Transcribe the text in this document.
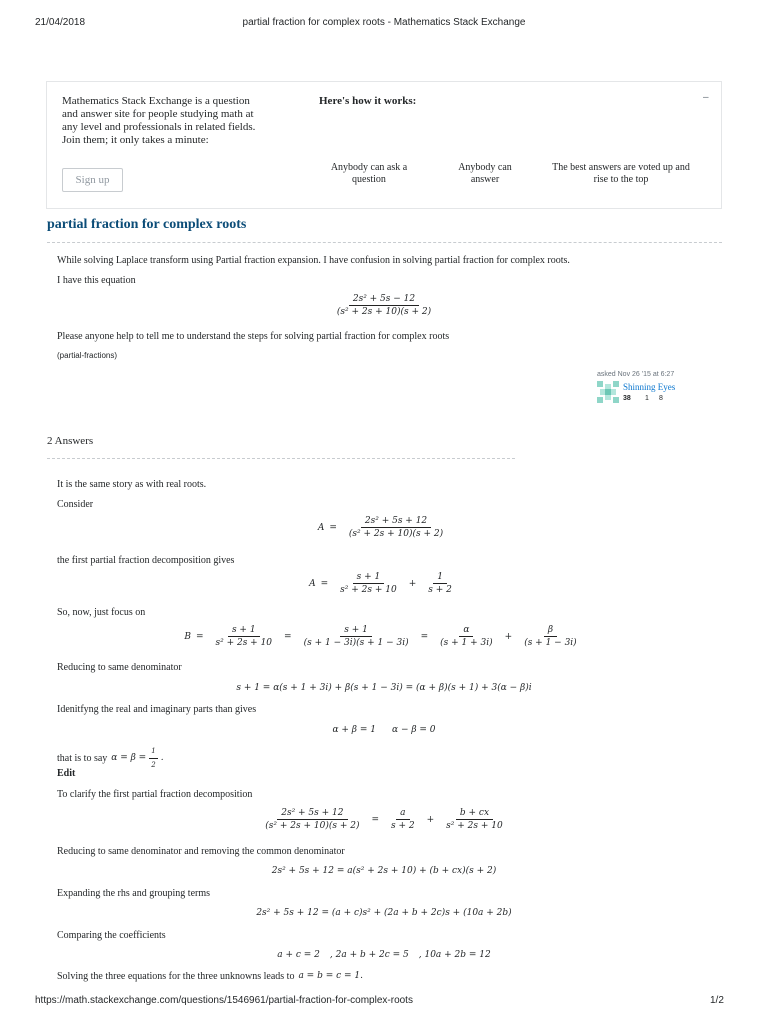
21/04/2018	partial fraction for complex roots - Mathematics Stack Exchange
Mathematics Stack Exchange is a question and answer site for people studying math at any level and professionals in related fields. Join them; it only takes a minute:
Sign up
Here's how it works:	–
Anybody can ask a question
Anybody can answer
The best answers are voted up and rise to the top
partial fraction for complex roots
While solving Laplace transform using Partial fraction expansion. I have confusion in solving partial fraction for complex roots.
I have this equation
$\frac{\text{2s² + 5s − 12}}{\text{(s² + 2s + 10)(s + 2)}}$
Please anyone help to tell me to understand the steps for solving partial fraction for complex roots
(partial-fractions)
asked Nov 26 '15 at 6:27
Shinning Eyes
38 1 8
2 Answers
It is the same story as with real roots.
Consider
$A = \frac{\text{2s² + 5s + 12}}{\text{(s² + 2s + 10)(s + 2)}}$
the first partial fraction decomposition gives
$A = \frac{s + 1}{\text{s² + 2s + 10}} + \frac{1}{s + 2}$
So, now, just focus on
$B = \frac{s + 1}{\text{s² + 2s + 10}} = \frac{s + 1}{(s + 1 - 3i)(s + 1 - 3i)} = \frac{\alpha}{(s + 1 + 3i)} + \frac{\beta}{(s + 1 - 3i)}$
Reducing to same denominator
s + 1 = α(s + 1 + 3i) + β(s + 1 − 3i) = (α + β)(s + 1) + 3(α − β)i
Idenitfyng the real and imaginary parts than gives
α + β = 1 α − β = 0
that is to say $\alpha = \beta = \frac{1}{2}$ .
Edit
To clarify the first partial fraction decomposition
$\frac{\text{2s² + 5s + 12}}{\text{(s² + 2s + 10)(s + 2)}} = \frac{a}{s + 2} + \frac{b + cx}{\text{s² + 2s + 10}}$
Reducing to same denominator and removing the common denominator
2s² + 5s + 12 = a(s² + 2s + 10) + (b + cx)(s + 2)
Expanding the rhs and grouping terms
2s² + 5s + 12 = (a + c)s² + (2a + b + 2c)s + (10a + 2b)
Comparing the coefficients
a + c = 2 , 2a + b + 2c = 5 , 10a + 2b = 12
Solving the three equations for the three unknowns leads to a = b = c = 1.
https://math.stackexchange.com/questions/1546961/partial-fraction-for-complex-roots	1/2
